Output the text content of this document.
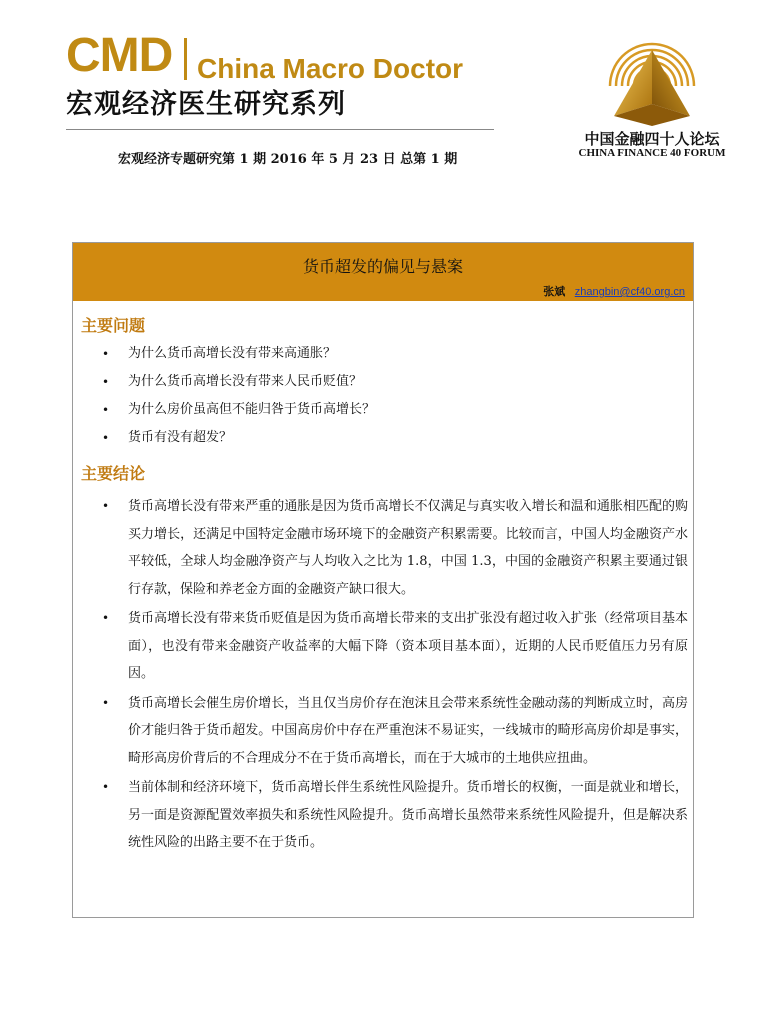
CMD China Macro Doctor
宏观经济医生研究系列
宏观经济专题研究第 1 期 2016 年 5 月 23 日 总第 1 期
中国金融四十人论坛
CHINA FINANCE 40 FORUM
货币超发的偏见与悬案
张斌 zhangbin@cf40.org.cn
主要问题
• 为什么货币高增长没有带来高通胀？
• 为什么货币高增长没有带来人民币贬值？
• 为什么房价虽高但不能归咎于货币高增长？
• 货币有没有超发？
主要结论
• 货币高增长没有带来严重的通胀是因为货币高增长不仅满足与真实收入增长和温和通胀相匹配的购买力增长，还满足中国特定金融市场环境下的金融资产积累需要。比较而言，中国人均金融资产水平较低，全球人均金融净资产与人均收入之比为 1.8，中国 1.3，中国的金融资产积累主要通过银行存款，保险和养老金方面的金融资产缺口很大。
• 货币高增长没有带来货币贬值是因为货币高增长带来的支出扩张没有超过收入扩张（经常项目基本面），也没有带来金融资产收益率的大幅下降（资本项目基本面），近期的人民币贬值压力另有原因。
• 货币高增长会催生房价增长，当且仅当房价存在泡沫且会带来系统性金融动荡的判断成立时，高房价才能归咎于货币超发。中国高房价中存在严重泡沫不易证实，一线城市的畸形高房价却是事实，畸形高房价背后的不合理成分不在于货币高增长，而在于大城市的土地供应扭曲。
• 当前体制和经济环境下，货币高增长伴生系统性风险提升。货币增长的权衡，一面是就业和增长，另一面是资源配置效率损失和系统性风险提升。货币高增长虽然带来系统性风险提升，但是解决系统性风险的出路主要不在于货币。
